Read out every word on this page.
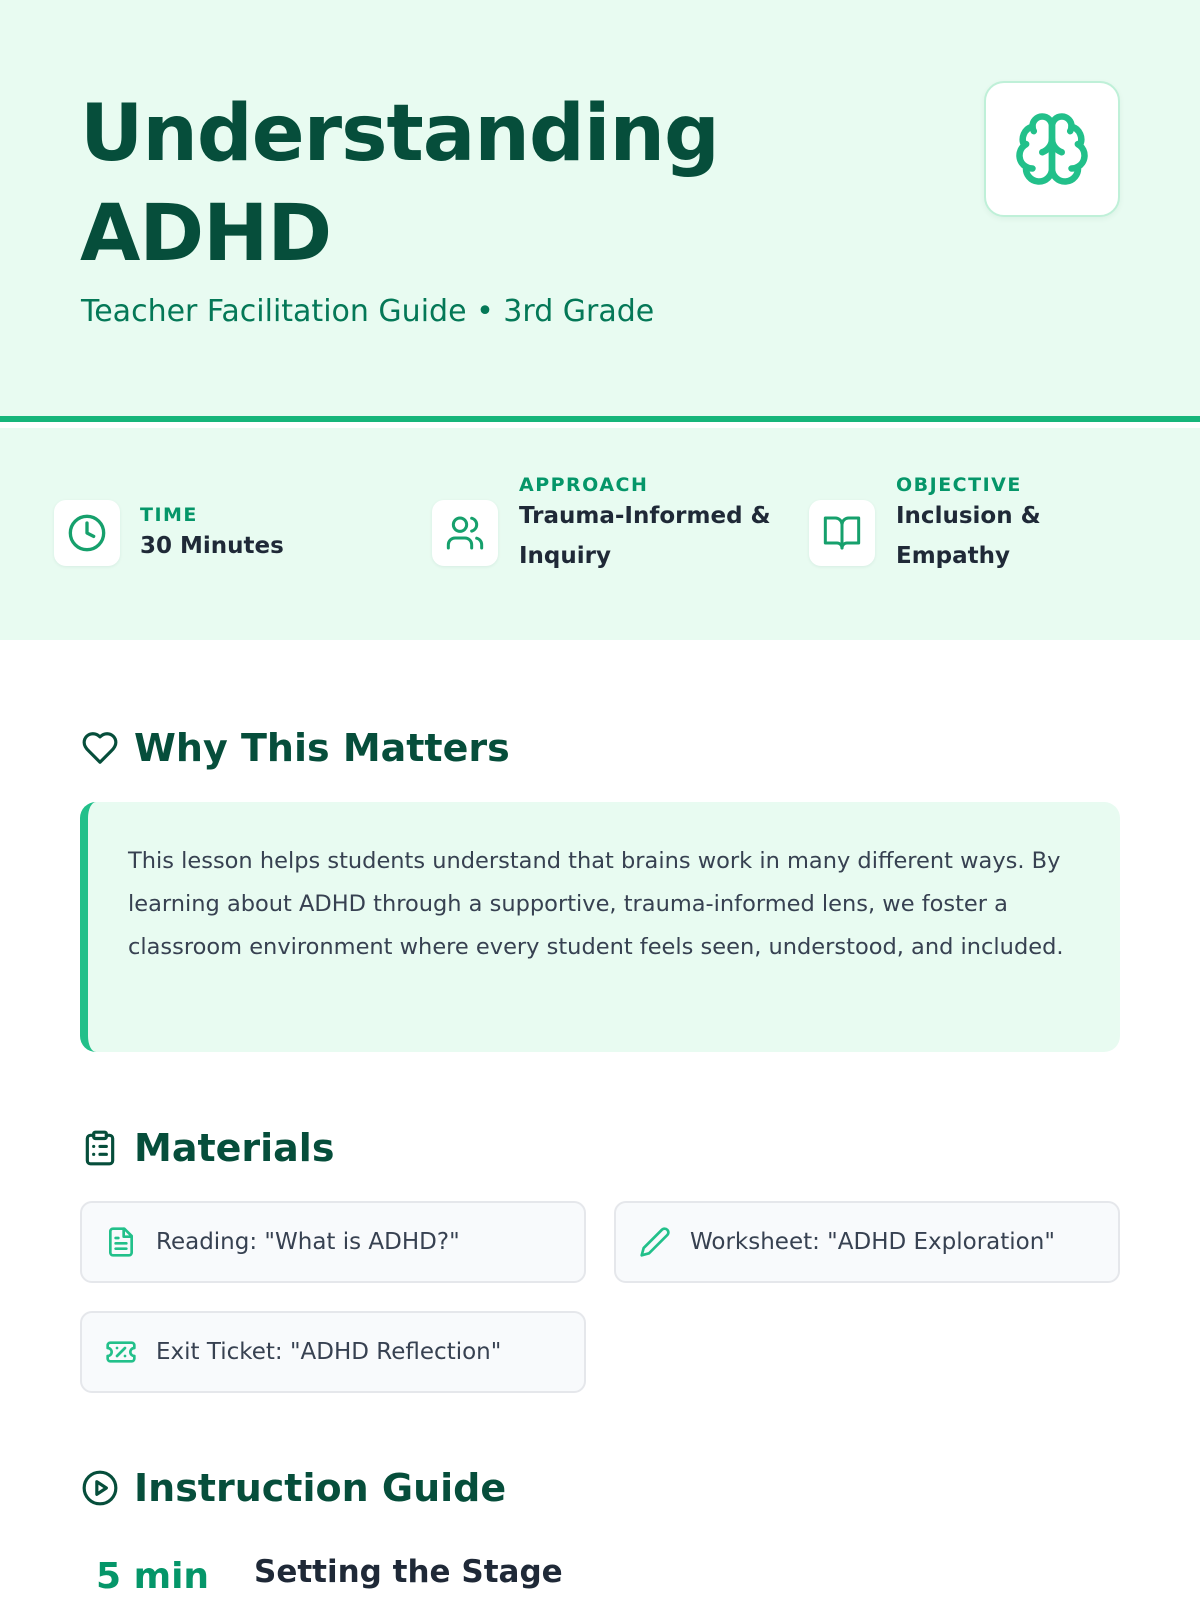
Understanding ADHD
Teacher Facilitation Guide • 3rd Grade
TIME
30 Minutes
APPROACH
Trauma-Informed & Inquiry
OBJECTIVE
Inclusion & Empathy
Why This Matters

This lesson helps students understand that brains work in many different ways. By learning about ADHD through a supportive, trauma-informed lens, we foster a classroom environment where every student feels seen, understood, and included.

Materials
Reading: "What is ADHD?"	Worksheet: "ADHD Exploration"
Exit Ticket: "ADHD Reflection"
Instruction Guide
5 min Setting the Stage
